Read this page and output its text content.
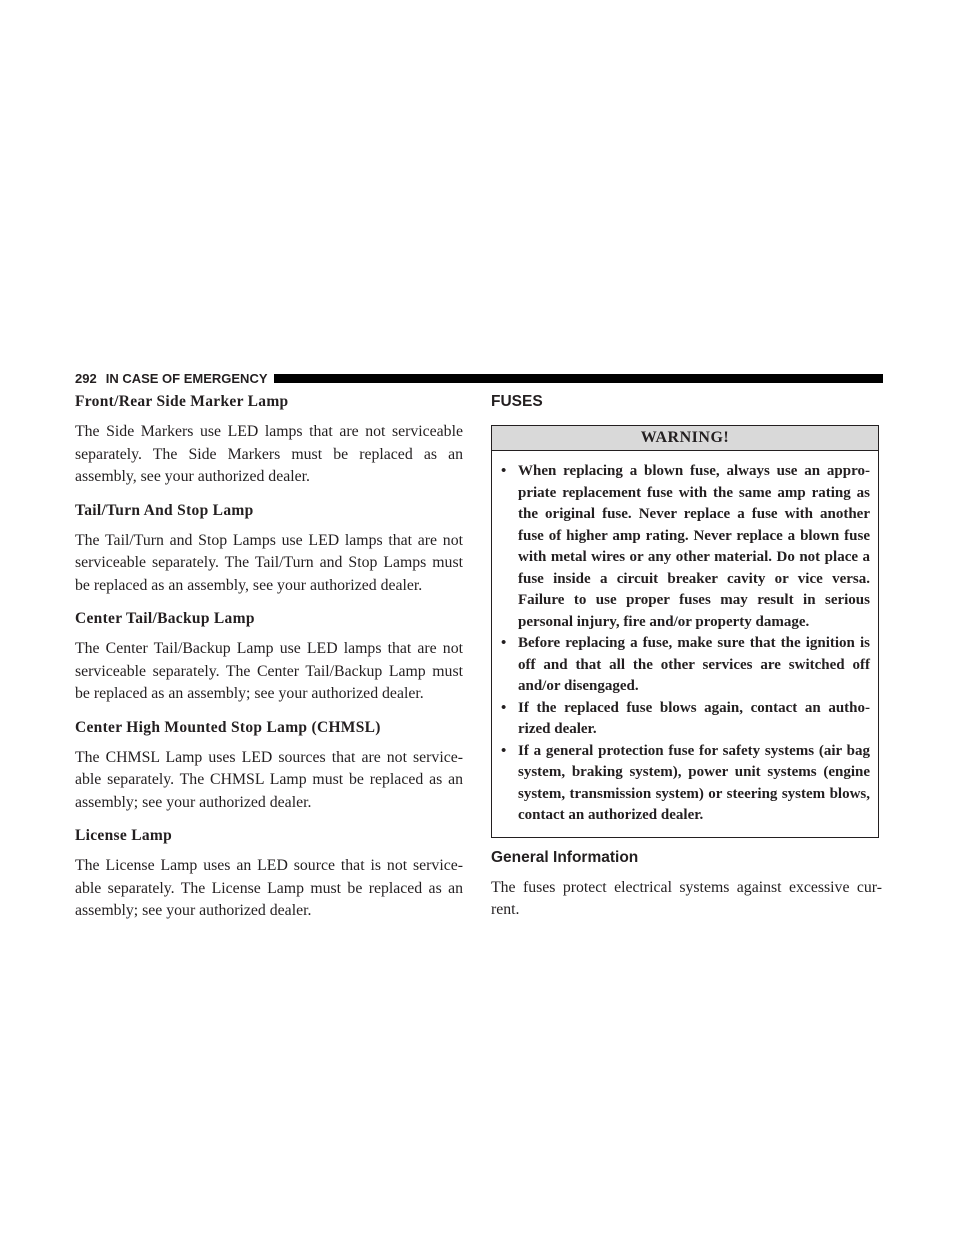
292 IN CASE OF EMERGENCY
Front/Rear Side Marker Lamp

The Side Markers use LED lamps that are not serviceable separately. The Side Markers must be replaced as an assembly, see your authorized dealer.

Tail/Turn And Stop Lamp

The Tail/Turn and Stop Lamps use LED lamps that are not serviceable separately. The Tail/Turn and Stop Lamps must be replaced as an assembly, see your authorized dealer.

Center Tail/Backup Lamp

The Center Tail/Backup Lamp use LED lamps that are not serviceable separately. The Center Tail/Backup Lamp must be replaced as an assembly; see your authorized dealer.

Center High Mounted Stop Lamp (CHMSL)

The CHMSL Lamp uses LED sources that are not service-able separately. The CHMSL Lamp must be replaced as an assembly; see your authorized dealer.

License Lamp

The License Lamp uses an LED source that is not service-able separately. The License Lamp must be replaced as an assembly; see your authorized dealer.

FUSES
WARNING!
• When replacing a blown fuse, always use an appro-priate replacement fuse with the same amp rating as the original fuse. Never replace a fuse with another fuse of higher amp rating. Never replace a blown fuse with metal wires or any other material. Do not place a fuse inside a circuit breaker cavity or vice versa. Failure to use proper fuses may result in serious personal injury, fire and/or property damage.
• Before replacing a fuse, make sure that the ignition is off and that all the other services are switched off and/or disengaged.
• If the replaced fuse blows again, contact an autho-rized dealer.
• If a general protection fuse for safety systems (air bag system, braking system), power unit systems (engine system, transmission system) or steering system blows, contact an authorized dealer.
General Information

The fuses protect electrical systems against excessive cur-rent.
